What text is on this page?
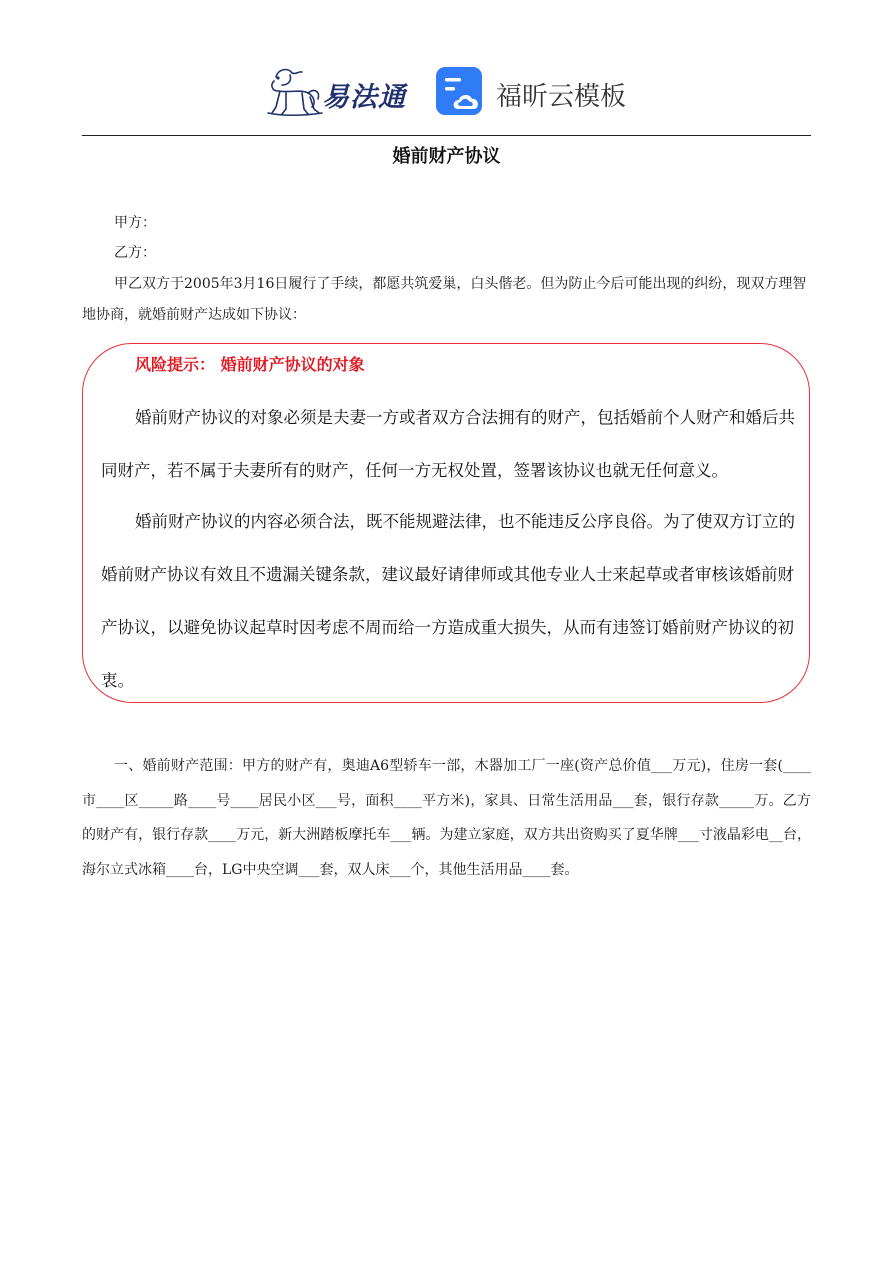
易法通	福昕云模板
婚前财产协议
甲方：
乙方：
甲乙双方于2005年3月16日履行了手续，都愿共筑爱巢，白头偕老。但为防止今后可能出现的纠纷，现双方理智地协商，就婚前财产达成如下协议：
风险提示： 婚前财产协议的对象
婚前财产协议的对象必须是夫妻一方或者双方合法拥有的财产，包括婚前个人财产和婚后共同财产，若不属于夫妻所有的财产，任何一方无权处置，签署该协议也就无任何意义。
婚前财产协议的内容必须合法，既不能规避法律，也不能违反公序良俗。为了使双方订立的婚前财产协议有效且不遗漏关键条款，建议最好请律师或其他专业人士来起草或者审核该婚前财产协议，以避免协议起草时因考虑不周而给一方造成重大损失，从而有违签订婚前财产协议的初衷。
一、婚前财产范围：甲方的财产有，奥迪A6型轿车一部，木器加工厂一座(资产总价值___万元)，住房一套(____市____区_____路____号____居民小区___号，面积____平方米)，家具、日常生活用品___套，银行存款_____万。乙方的财产有，银行存款____万元，新大洲踏板摩托车___辆。为建立家庭，双方共出资购买了夏华牌___寸液晶彩电__台，海尔立式冰箱____台，LG中央空调___套，双人床___个，其他生活用品____套。
